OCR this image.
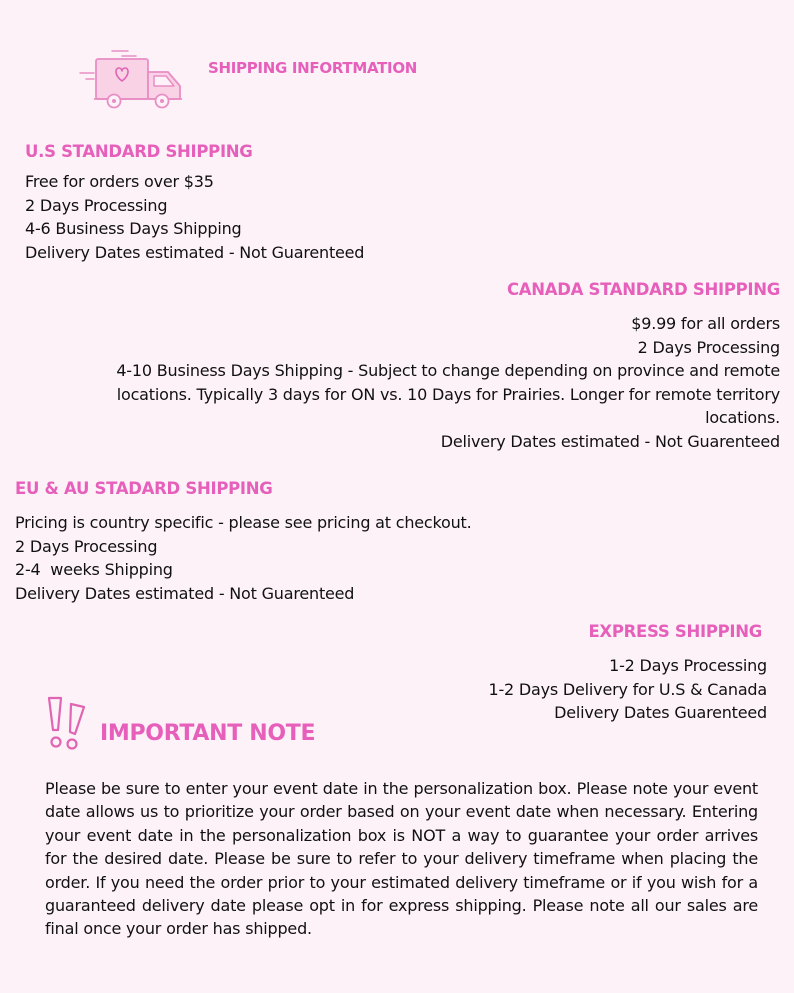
SHIPPING INFORTMATION
U.S STANDARD SHIPPING
Free for orders over $35
2 Days Processing
4-6 Business Days Shipping
Delivery Dates estimated - Not Guarenteed
CANADA STANDARD SHIPPING
$9.99 for all orders
2 Days Processing
4-10 Business Days Shipping - Subject to change depending on province and remote
locations. Typically 3 days for ON vs. 10 Days for Prairies. Longer for remote territory
locations.
Delivery Dates estimated - Not Guarenteed
EU & AU STADARD SHIPPING
Pricing is country specific - please see pricing at checkout.
2 Days Processing
2-4  weeks Shipping
Delivery Dates estimated - Not Guarenteed
EXPRESS SHIPPING
1-2 Days Processing
1-2 Days Delivery for U.S & Canada
Delivery Dates Guarenteed
IMPORTANT NOTE
Please be sure to enter your event date in the personalization box. Please note your event date allows us to prioritize your order based on your event date when necessary. Entering your event date in the personalization box is NOT a way to guarantee your order arrives for the desired date. Please be sure to refer to your delivery timeframe when placing the order. If you need the order prior to your estimated delivery timeframe or if you wish for a guaranteed delivery date please opt in for express shipping. Please note all our sales are final once your order has shipped.
